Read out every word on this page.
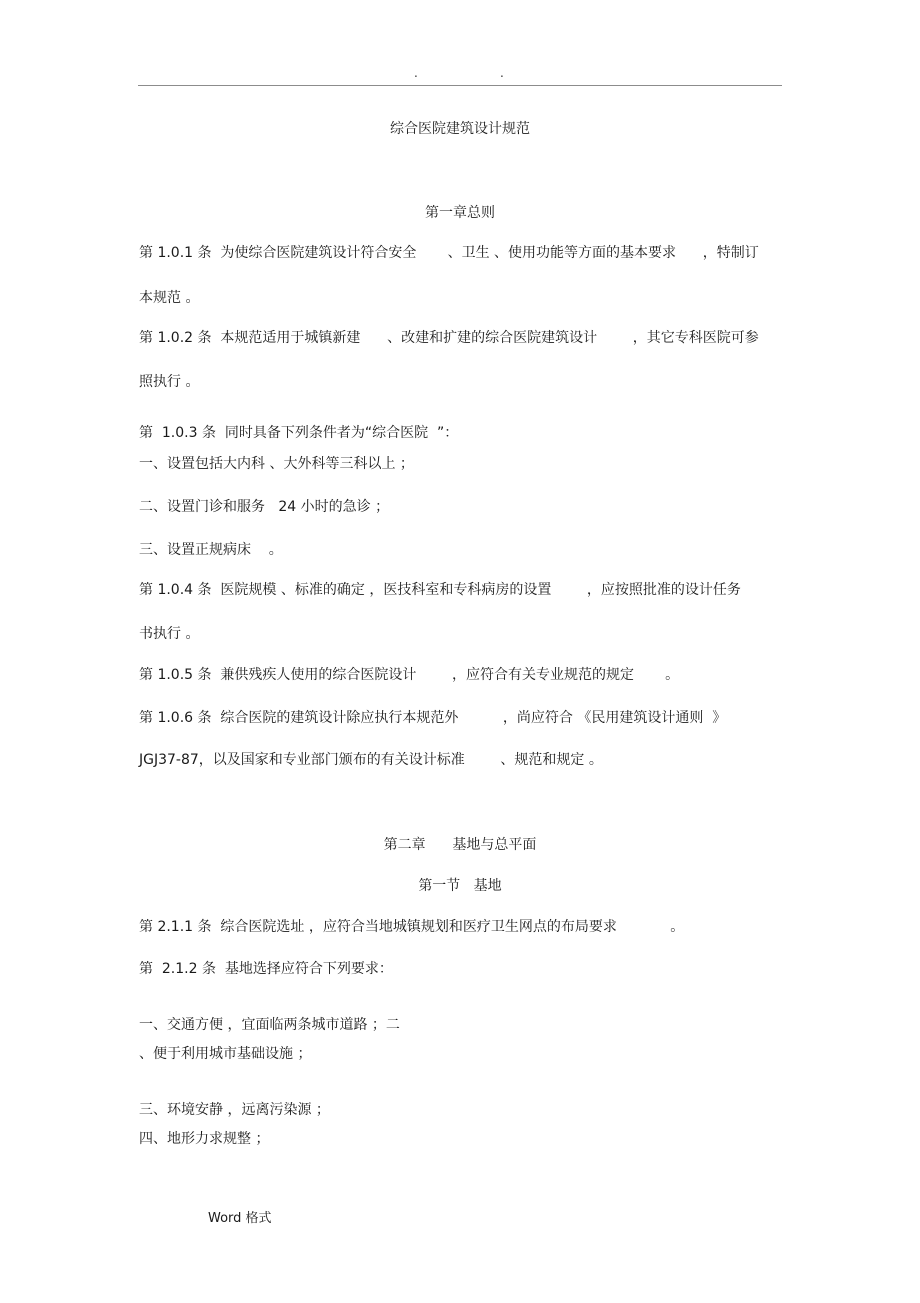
.	.

综合医院建筑设计规范

第一章总则

第 1.0.1 条  为使综合医院建筑设计符合安全       、卫生 、使用功能等方面的基本要求      ，特制订

本规范 。

第 1.0.2 条  本规范适用于城镇新建      、改建和扩建的综合医院建筑设计        ，其它专科医院可参

照执行 。

第  1.0.3 条  同时具备下列条件者为“综合医院  ”：

一、设置包括大内科 、大外科等三科以上 ；

二、设置门诊和服务   24 小时的急诊 ；

三、设置正规病床    。

第 1.0.4 条  医院规模 、标准的确定 ，医技科室和专科病房的设置        ，应按照批准的设计任务

书执行 。

第 1.0.5 条  兼供残疾人使用的综合医院设计        ，应符合有关专业规范的规定       。

第 1.0.6 条  综合医院的建筑设计除应执行本规范外          ，尚应符合 《民用建筑设计通则  》

JGJ37-87，以及国家和专业部门颁布的有关设计标准        、规范和规定 。

第二章      基地与总平面

第一节   基地

第 2.1.1 条  综合医院选址 ，应符合当地城镇规划和医疗卫生网点的布局要求            。

第  2.1.2 条  基地选择应符合下列要求：

一、交通方便 ，宜面临两条城市道路 ；二

、便于利用城市基础设施 ；

三、环境安静 ，远离污染源 ；

四、地形力求规整 ；

Word 格式
